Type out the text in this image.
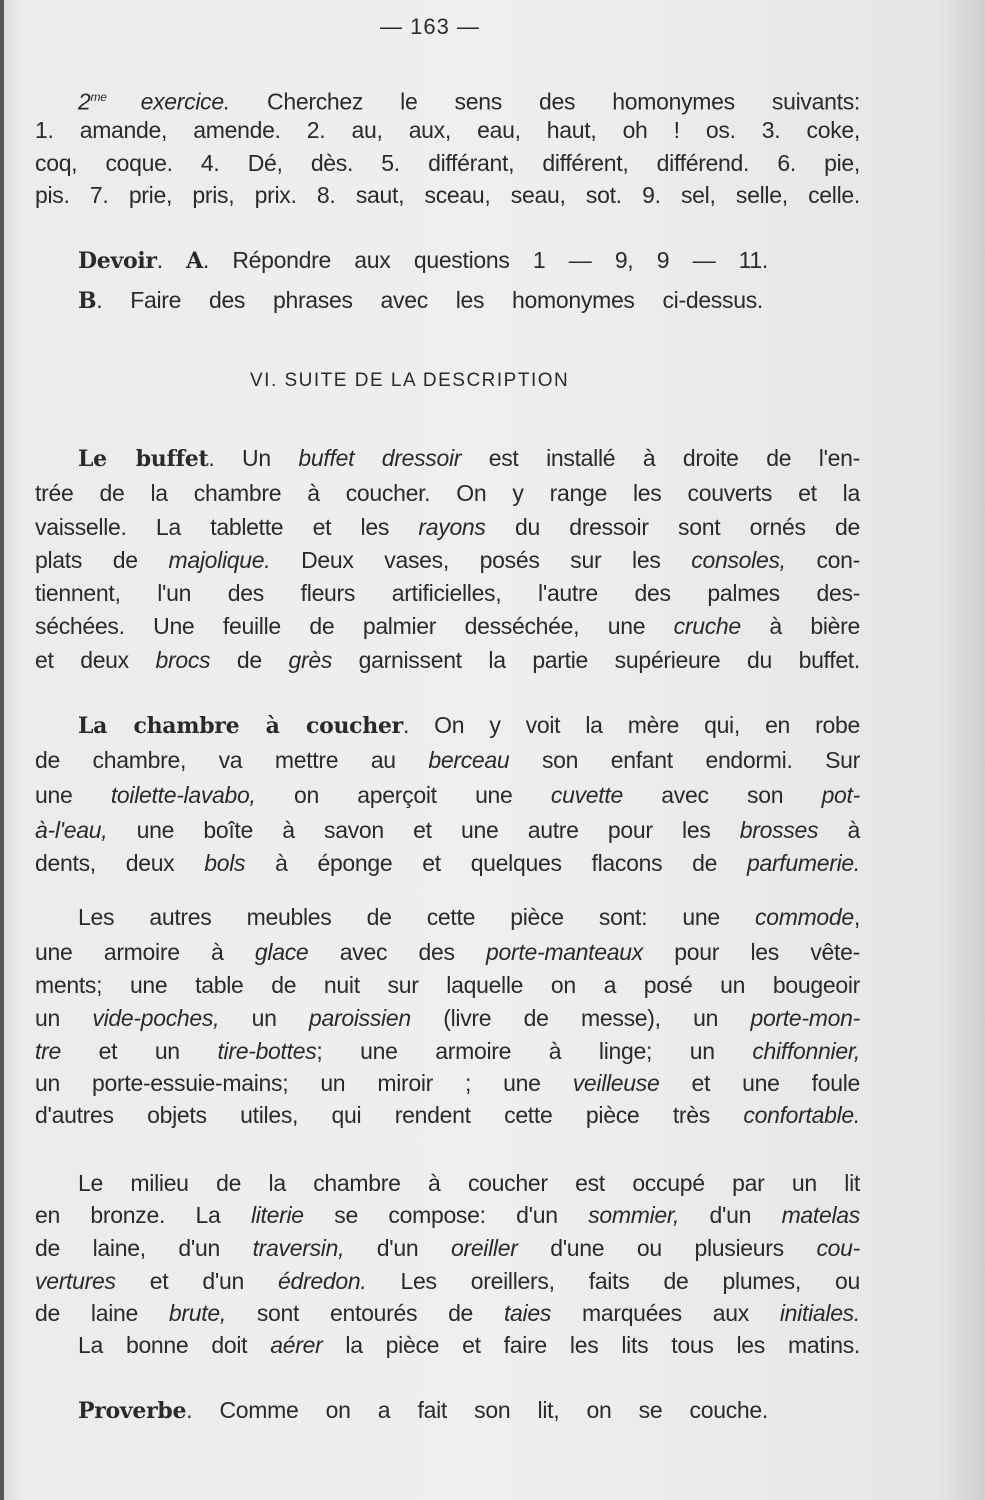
— 163 —
VI. SUITE DE LA DESCRIPTION
$2^{me}$ exercice. Cherchez le sens des homonymes suivants:
1. amande, amende. 2. au, aux, eau, haut, oh ! os. 3. coke,
coq, coque. 4. Dé, dès. 5. différant, différent, différend. 6. pie,
pis. 7. prie, pris, prix. 8. saut, sceau, seau, sot. 9. sel, selle, celle.
Devoir. A. Répondre aux questions 1 — 9, 9 — 11.
B. Faire des phrases avec les homonymes ci-dessus.
Le buffet. Un buffet dressoir est installé à droite de l'en-
trée de la chambre à coucher. On y range les couverts et la
vaisselle. La tablette et les rayons du dressoir sont ornés de
plats de majolique. Deux vases, posés sur les consoles, con-
tiennent, l'un des fleurs artificielles, l'autre des palmes des-
séchées. Une feuille de palmier desséchée, une cruche à bière
et deux brocs de grès garnissent la partie supérieure du buffet.
La chambre à coucher. On y voit la mère qui, en robe
de chambre, va mettre au berceau son enfant endormi. Sur
une toilette-lavabo, on aperçoit une cuvette avec son pot-
à-l'eau, une boîte à savon et une autre pour les brosses à
dents, deux bols à éponge et quelques flacons de parfumerie.
Les autres meubles de cette pièce sont: une commode,
une armoire à glace avec des porte-manteaux pour les vête-
ments; une table de nuit sur laquelle on a posé un bougeoir
un vide-poches, un paroissien (livre de messe), un porte-mon-
tre et un tire-bottes; une armoire à linge; un chiffonnier,
un porte-essuie-mains; un miroir ; une veilleuse et une foule
d'autres objets utiles, qui rendent cette pièce très confortable.
Le milieu de la chambre à coucher est occupé par un lit
en bronze. La literie se compose: d'un sommier, d'un matelas
de laine, d'un traversin, d'un oreiller d'une ou plusieurs cou-
vertures et d'un édredon. Les oreillers, faits de plumes, ou
de laine brute, sont entourés de taies marquées aux initiales.
La bonne doit aérer la pièce et faire les lits tous les matins.
Proverbe. Comme on a fait son lit, on se couche.
